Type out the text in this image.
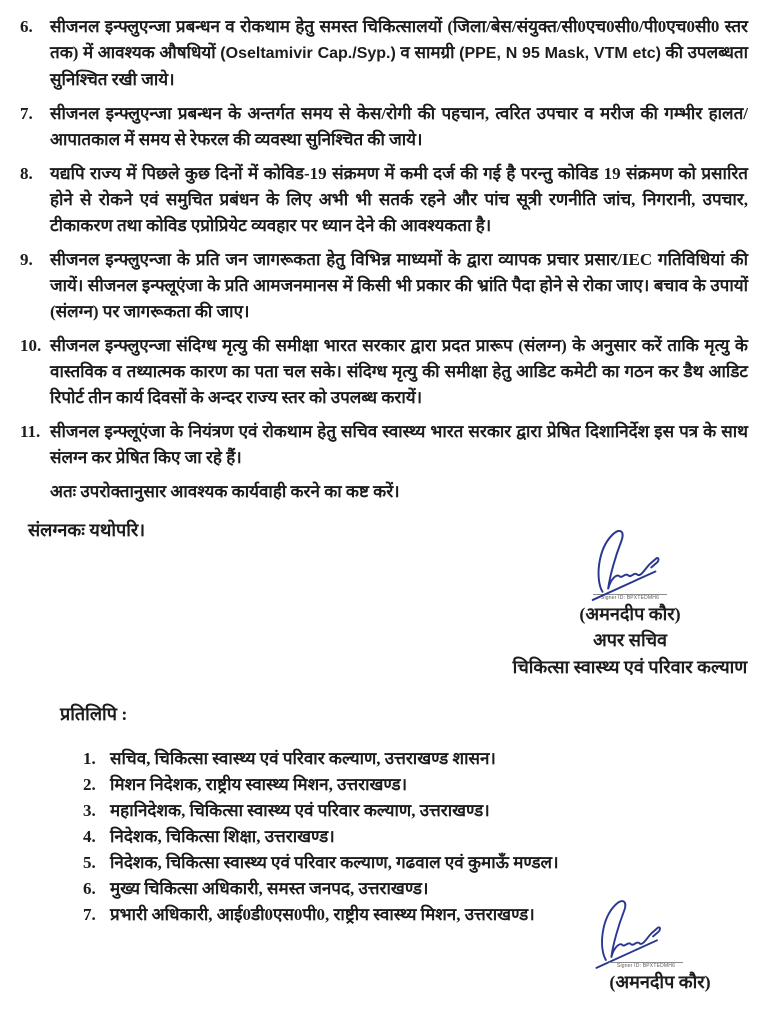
6.	सीजनल इन्फ्लुएन्जा प्रबन्धन व रोकथाम हेतु समस्त चिकित्सालयों (जिला/बेस/संयुक्त/सी0एच0सी0/पी0एच0सी0 स्तर तक) में आवश्यक औषधियों (Oseltamivir Cap./Syp.) व सामग्री (PPE, N 95 Mask, VTM etc) की उपलब्धता सुनिश्चित रखी जाये।
7.	सीजनल इन्फ्लुएन्जा प्रबन्धन के अन्तर्गत समय से केस/रोगी की पहचान, त्वरित उपचार व मरीज की गम्भीर हालत/आपातकाल में समय से रेफरल की व्यवस्था सुनिश्चित की जाये।
8.	यद्यपि राज्य में पिछले कुछ दिनों में कोविड-19 संक्रमण में कमी दर्ज की गई है परन्तु कोविड 19 संक्रमण को प्रसारित होने से रोकने एवं समुचित प्रबंधन के लिए अभी भी सतर्क रहने और पांच सूत्री रणनीति जांच, निगरानी, उपचार, टीकाकरण तथा कोविड एप्रोप्रियेट व्यवहार पर ध्यान देने की आवश्यकता है।
9.	सीजनल इन्फ्लुएन्जा के प्रति जन जागरूकता हेतु विभिन्न माध्यमों के द्वारा व्यापक प्रचार प्रसार/IEC गतिविधियां की जायें। सीजनल इन्फ्लूएंजा के प्रति आमजनमानस में किसी भी प्रकार की भ्रांति पैदा होने से रोका जाए। बचाव के उपायों (संलग्न) पर जागरूकता की जाए।
10. सीजनल इन्फ्लुएन्जा संदिग्ध मृत्यु की समीक्षा भारत सरकार द्वारा प्रदत प्रारूप (संलग्न) के अनुसार करें ताकि मृत्यु के वास्तविक व तथ्यात्मक कारण का पता चल सके। संदिग्ध मृत्यु की समीक्षा हेतु आडिट कमेटी का गठन कर डैथ आडिट रिपोर्ट तीन कार्य दिवसों के अन्दर राज्य स्तर को उपलब्ध करायें।
11. सीजनल इन्फ्लूएंजा के नियंत्रण एवं रोकथाम हेतु सचिव स्वास्थ्य भारत सरकार द्वारा प्रेषित दिशानिर्देश इस पत्र के साथ संलग्न कर प्रेषित किए जा रहे हैं।

अतः उपरोक्तानुसार आवश्यक कार्यवाही करने का कष्ट करें।

संलग्नकः यथोपरि।

Signer ID: BPXTEDMH6
(अमनदीप कौर)
अपर सचिव
चिकित्सा स्वास्थ्य एवं परिवार कल्याण

प्रतिलिपि :

1. सचिव, चिकित्सा स्वास्थ्य एवं परिवार कल्याण, उत्तराखण्ड शासन।
2. मिशन निदेशक, राष्ट्रीय स्वास्थ्य मिशन, उत्तराखण्ड।
3. महानिदेशक, चिकित्सा स्वास्थ्य एवं परिवार कल्याण, उत्तराखण्ड।
4. निदेशक, चिकित्सा शिक्षा, उत्तराखण्ड।
5. निदेशक, चिकित्सा स्वास्थ्य एवं परिवार कल्याण, गढवाल एवं कुमाऊँ मण्डल।
6. मुख्य चिकित्सा अधिकारी, समस्त जनपद, उत्तराखण्ड।
7. प्रभारी अधिकारी, आई0डी0एस0पी0, राष्ट्रीय स्वास्थ्य मिशन, उत्तराखण्ड।
Signer ID: BPXTEDMH6
(अमनदीप कौर)
